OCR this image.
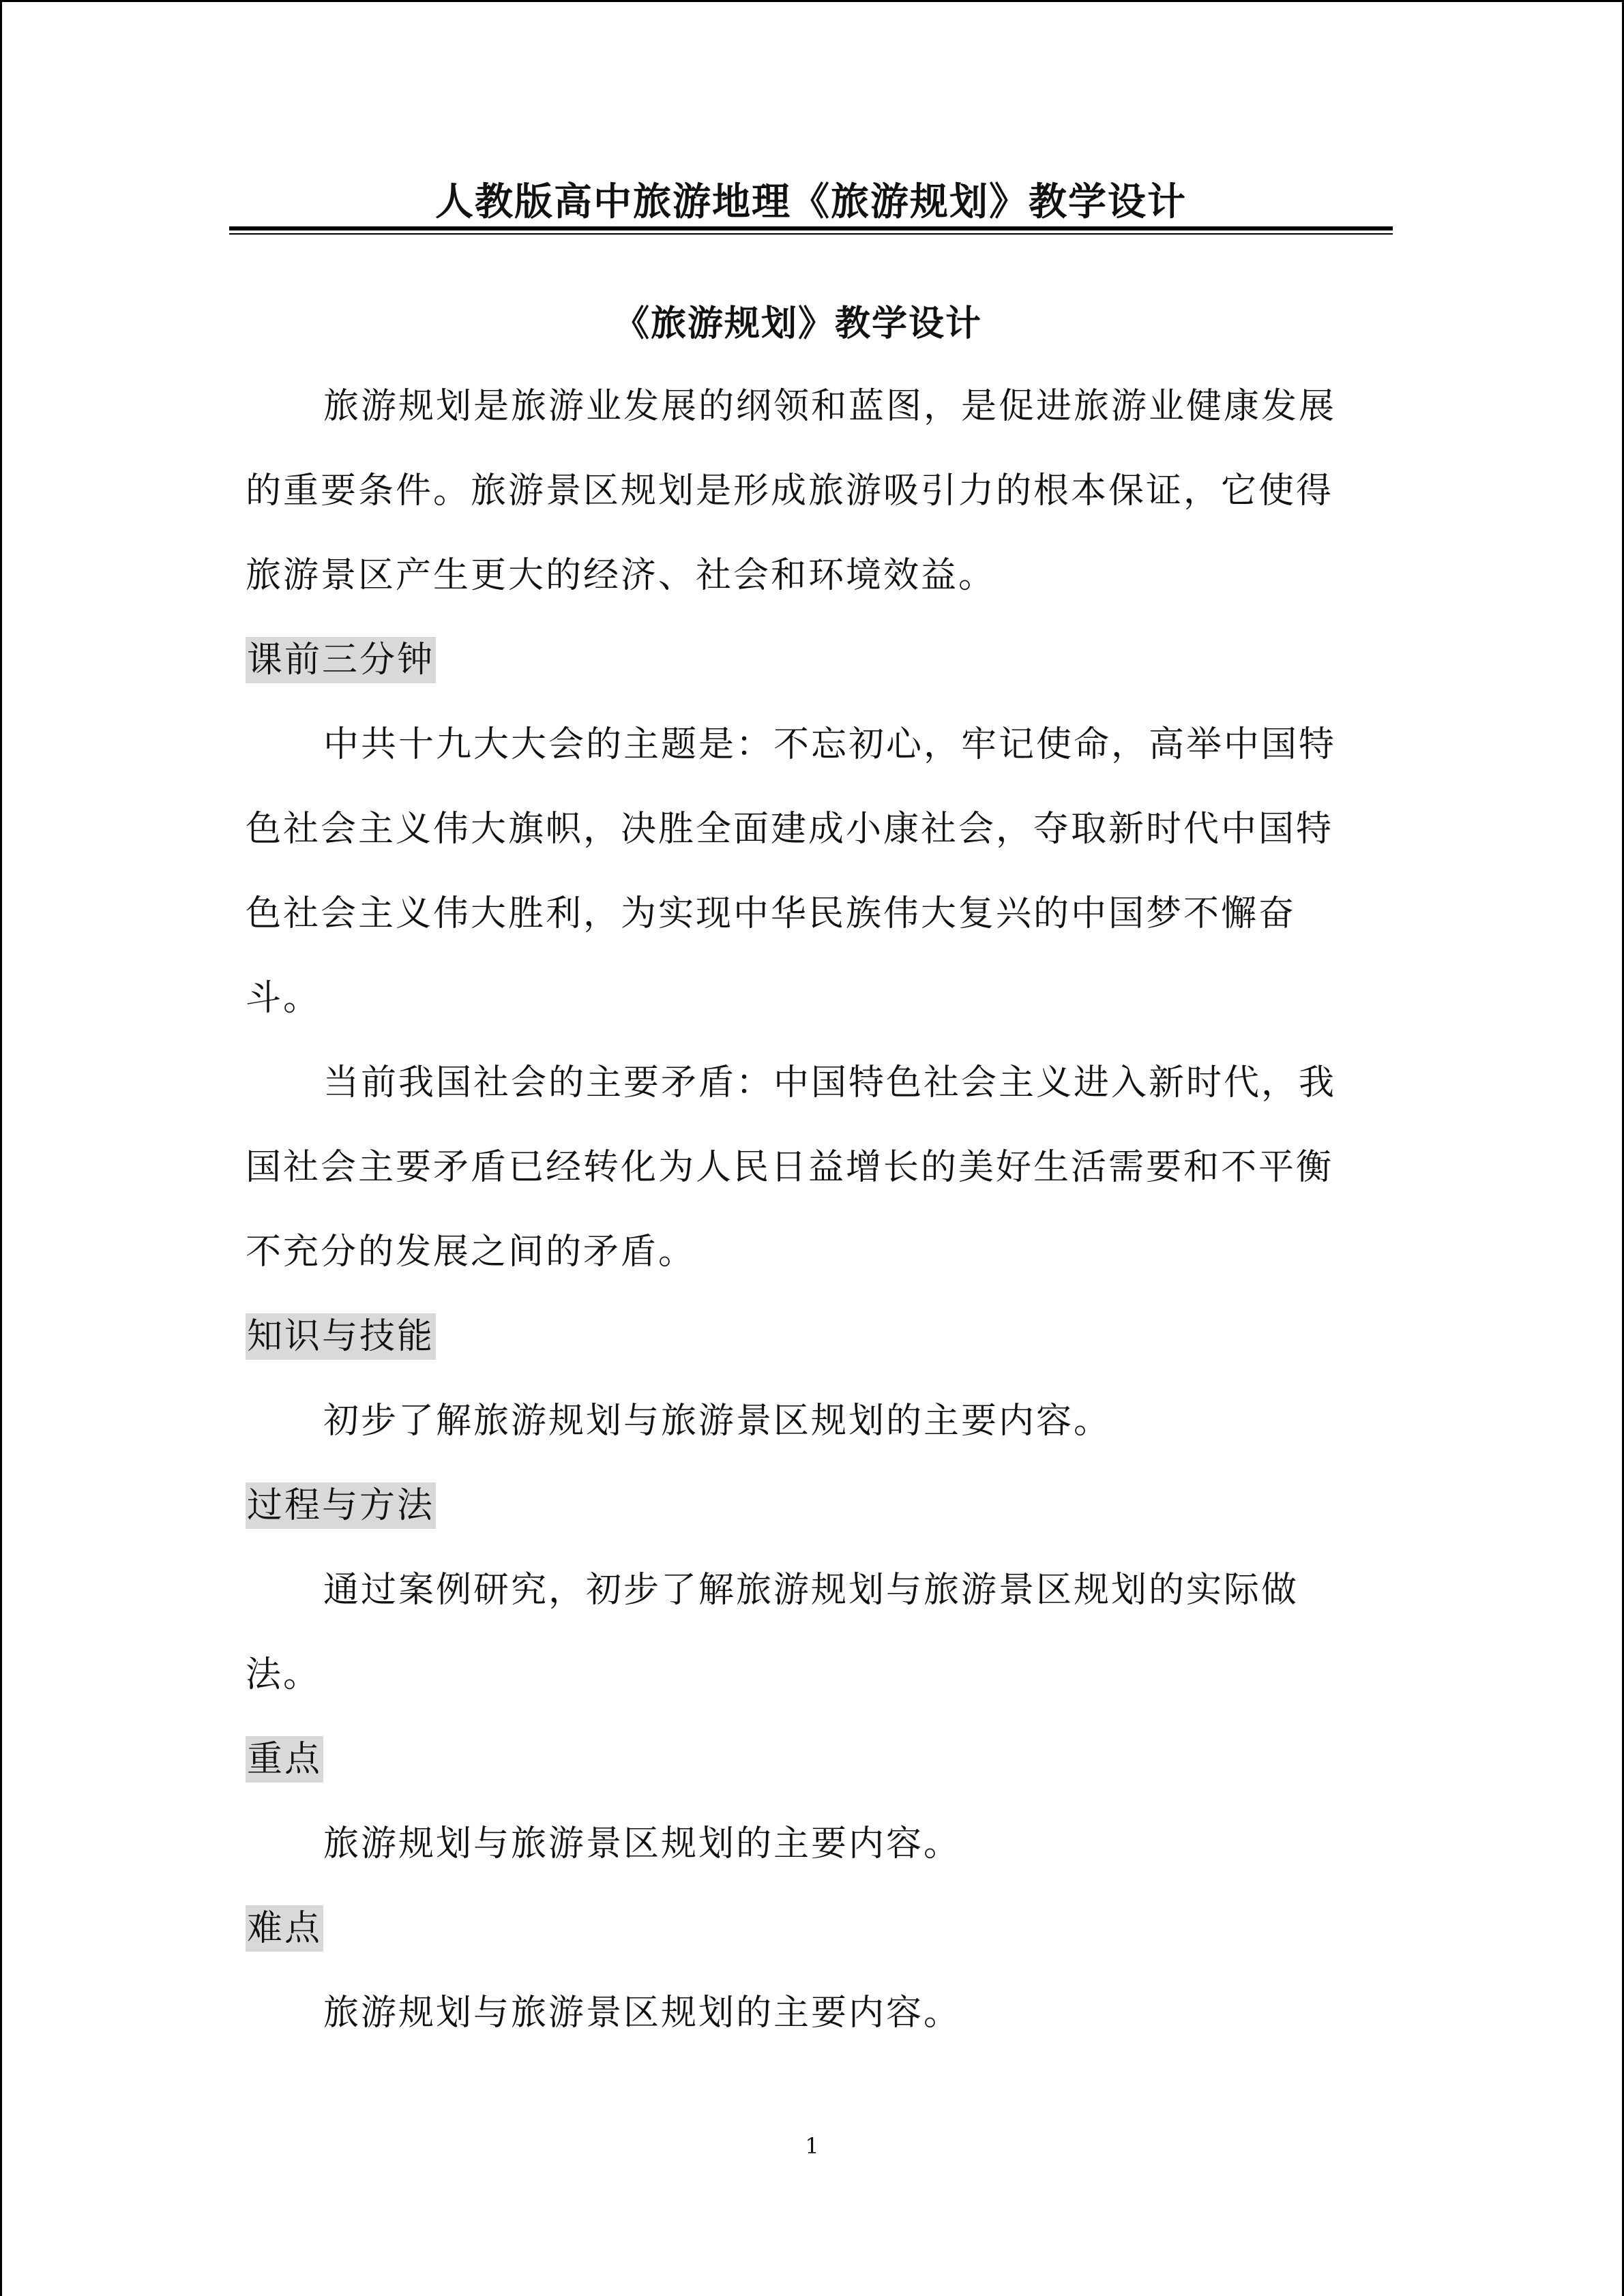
人教版高中旅游地理《旅游规划》教学设计
《旅游规划》教学设计

旅游规划是旅游业发展的纲领和蓝图，是促进旅游业健康发展的重要条件。旅游景区规划是形成旅游吸引力的根本保证，它使得旅游景区产生更大的经济、社会和环境效益。

课前三分钟

中共十九大大会的主题是：不忘初心，牢记使命，高举中国特色社会主义伟大旗帜，决胜全面建成小康社会，夺取新时代中国特色社会主义伟大胜利，为实现中华民族伟大复兴的中国梦不懈奋斗。

当前我国社会的主要矛盾：中国特色社会主义进入新时代，我国社会主要矛盾已经转化为人民日益增长的美好生活需要和不平衡不充分的发展之间的矛盾。

知识与技能

初步了解旅游规划与旅游景区规划的主要内容。

过程与方法

通过案例研究，初步了解旅游规划与旅游景区规划的实际做法。

重点

旅游规划与旅游景区规划的主要内容。

难点

旅游规划与旅游景区规划的主要内容。

1
